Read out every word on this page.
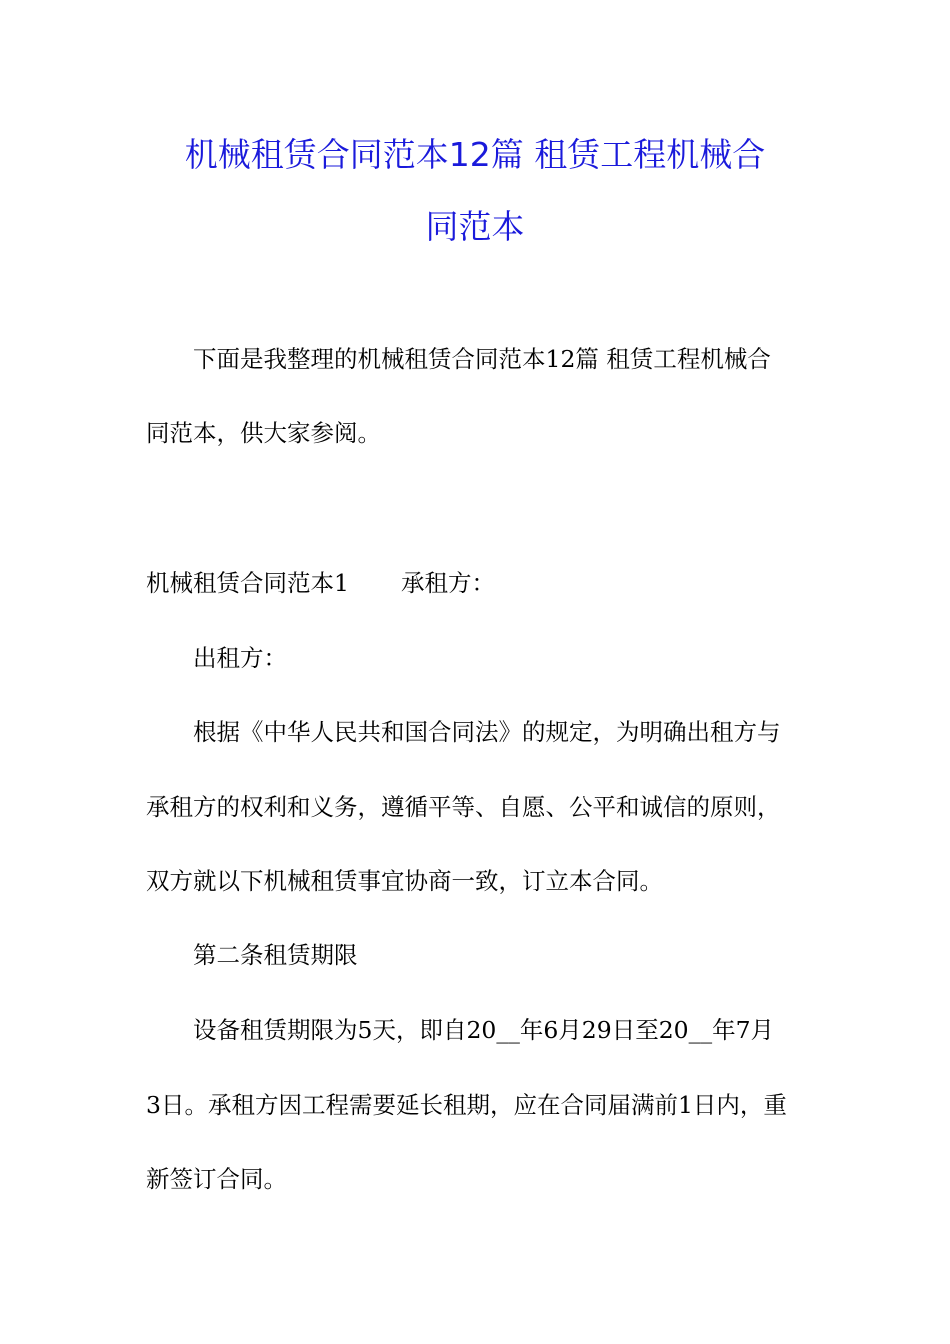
机械租赁合同范本12篇 租赁工程机械合
同范本
下面是我整理的机械租赁合同范本12篇 租赁工程机械合
同范本，供大家参阅。
机械租赁合同范本1 承租方：
出租方：
根据《中华人民共和国合同法》的规定，为明确出租方与
承租方的权利和义务，遵循平等、自愿、公平和诚信的原则，
双方就以下机械租赁事宜协商一致，订立本合同。
第二条租赁期限
设备租赁期限为5天，即自20__年6月29日至20__年7月
3日。承租方因工程需要延长租期，应在合同届满前1日内，重
新签订合同。
